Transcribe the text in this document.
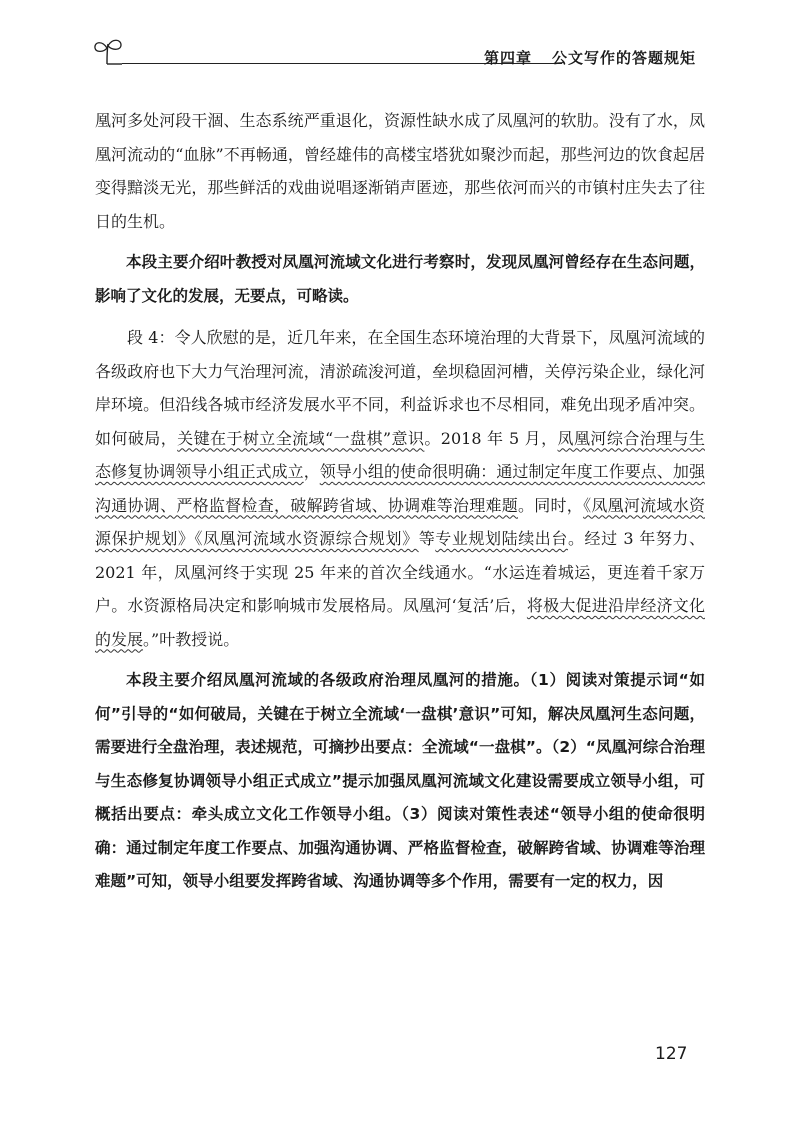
第四章 公文写作的答题规矩

凰河多处河段干涸、生态系统严重退化，资源性缺水成了凤凰河的软肋。没有了水，凤凰河流动的“血脉”不再畅通，曾经雄伟的高楼宝塔犹如聚沙而起，那些河边的饮食起居变得黯淡无光，那些鲜活的戏曲说唱逐渐销声匿迹，那些依河而兴的市镇村庄失去了往日的生机。

本段主要介绍叶教授对凤凰河流域文化进行考察时，发现凤凰河曾经存在生态问题，影响了文化的发展，无要点，可略读。

段 4：令人欣慰的是，近几年来，在全国生态环境治理的大背景下，凤凰河流域的各级政府也下大力气治理河流，清淤疏浚河道，垒坝稳固河槽，关停污染企业，绿化河岸环境。但沿线各城市经济发展水平不同，利益诉求也不尽相同，难免出现矛盾冲突。如何破局，关键在于树立全流域“一盘棋”意识。2018 年 5 月，凤凰河综合治理与生态修复协调领导小组正式成立，领导小组的使命很明确：通过制定年度工作要点、加强沟通协调、严格监督检查，破解跨省域、协调难等治理难题。同时，《凤凰河流域水资源保护规划》《凤凰河流域水资源综合规划》等专业规划陆续出台。经过 3 年努力、2021 年，凤凰河终于实现 25 年来的首次全线通水。“水运连着城运，更连着千家万户。水资源格局决定和影响城市发展格局。凤凰河‘复活’后，将极大促进沿岸经济文化的发展。”叶教授说。

本段主要介绍凤凰河流域的各级政府治理凤凰河的措施。（1）阅读对策提示词“如何”引导的“如何破局，关键在于树立全流域‘一盘棋’意识”可知，解决凤凰河生态问题，需要进行全盘治理，表述规范，可摘抄出要点：全流域“一盘棋”。（2）“凤凰河综合治理与生态修复协调领导小组正式成立”提示加强凤凰河流域文化建设需要成立领导小组，可概括出要点：牵头成立文化工作领导小组。（3）阅读对策性表述“领导小组的使命很明确：通过制定年度工作要点、加强沟通协调、严格监督检查，破解跨省域、协调难等治理难题”可知，领导小组要发挥跨省域、沟通协调等多个作用，需要有一定的权力，因

127
